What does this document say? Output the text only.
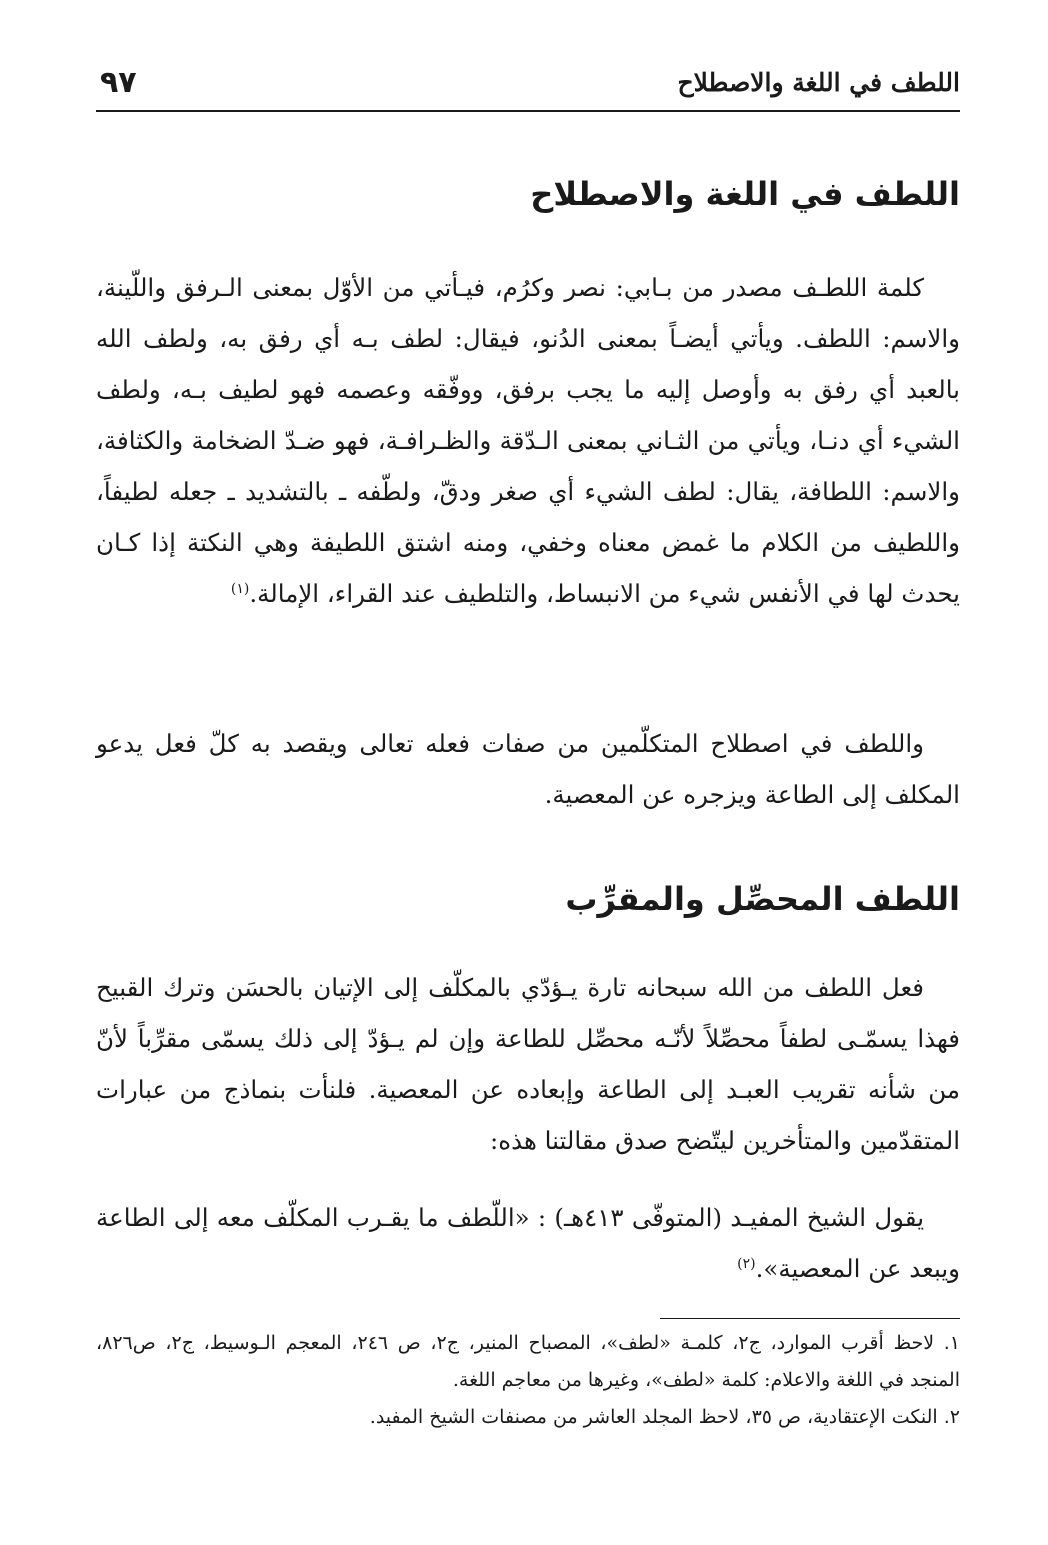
اللطف في اللغة والاصطلاح
٩٧
اللطف في اللغة والاصطلاح

كلمة اللطـف مصدر من بـابي: نصر وكرُم، فيـأتي من الأوّل بمعنى الـرفق واللّينة، والاسم: اللطف. ويأتي أيضـاً بمعنى الدُنو، فيقال: لطف بـه أي رفق به، ولطف الله بالعبد أي رفق به وأوصل إليه ما يجب برفق، ووفّقه وعصمه فهو لطيف بـه، ولطف الشيء أي دنـا، ويأتي من الثـاني بمعنى الـدّقة والظـرافـة، فهو ضـدّ الضخامة والكثافة، والاسم: اللطافة، يقال: لطف الشيء أي صغر ودقّ، ولطّفه ـ بالتشديد ـ جعله لطيفاً، واللطيف من الكلام ما غمض معناه وخفي، ومنه اشتق اللطيفة وهي النكتة إذا كـان يحدث لها في الأنفس شيء من الانبساط، والتلطيف عند القراء، الإمالة.$^{(١)}$

واللطف في اصطلاح المتكلّمين من صفات فعله تعالى ويقصد به كلّ فعل يدعو المكلف إلى الطاعة ويزجره عن المعصية.

اللطف المحصِّل والمقرِّب

فعل اللطف من الله سبحانه تارة يـؤدّي بالمكلّف إلى الإتيان بالحسَن وترك القبيح فهذا يسمّـى لطفاً محصِّلاً لأنّـه محصِّل للطاعة وإن لم يـؤدّ إلى ذلك يسمّى مقرِّباً لأنّ من شأنه تقريب العبـد إلى الطاعة وإبعاده عن المعصية. فلنأت بنماذج من عبارات المتقدّمين والمتأخرين ليتّضح صدق مقالتنا هذه:

يقول الشيخ المفيـد (المتوفّى ٤١٣هـ) : «اللّطف ما يقـرب المكلّف معه إلى الطاعة ويبعد عن المعصية».$^{(٢)}$

١. لاحظ أقرب الموارد، ج٢، كلمـة «لطف»، المصباح المنير، ج٢، ص ٢٤٦، المعجم الـوسيط، ج٢، ص٨٢٦، المنجد في اللغة والاعلام: كلمة «لطف»، وغيرها من معاجم اللغة.
٢. النكت الإعتقادية، ص ٣٥، لاحظ المجلد العاشر من مصنفات الشيخ المفيد.
